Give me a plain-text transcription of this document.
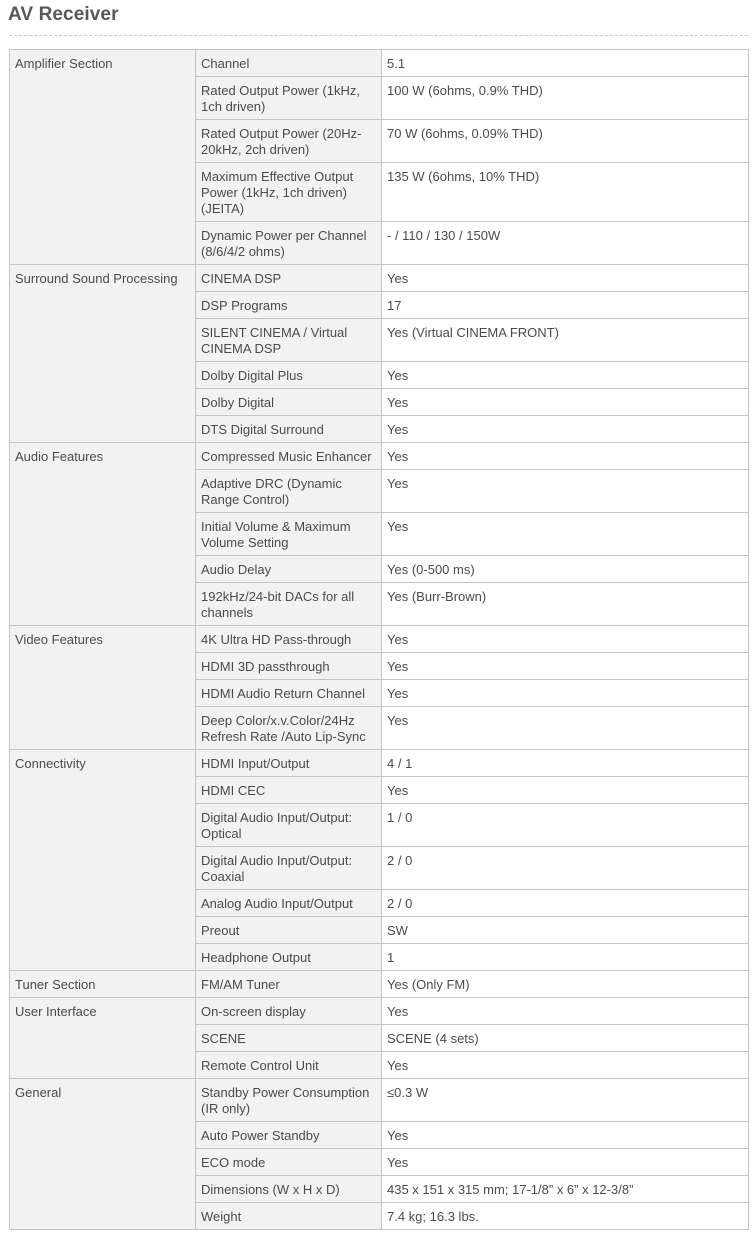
AV Receiver
Amplifier Section	Channel	5.1
	Rated Output Power (1kHz, 1ch driven)	100 W (6ohms, 0.9% THD)
	Rated Output Power (20Hz-20kHz, 2ch driven)	70 W (6ohms, 0.09% THD)
	Maximum Effective Output Power (1kHz, 1ch driven) (JEITA)	135 W (6ohms, 10% THD)
	Dynamic Power per Channel (8/6/4/2 ohms)	- / 110 / 130 / 150W
Surround Sound Processing	CINEMA DSP	Yes
	DSP Programs	17
	SILENT CINEMA / Virtual CINEMA DSP	Yes (Virtual CINEMA FRONT)
	Dolby Digital Plus	Yes
	Dolby Digital	Yes
	DTS Digital Surround	Yes
Audio Features	Compressed Music Enhancer	Yes
	Adaptive DRC (Dynamic Range Control)	Yes
	Initial Volume & Maximum Volume Setting	Yes
	Audio Delay	Yes (0-500 ms)
	192kHz/24-bit DACs for all channels	Yes (Burr-Brown)
Video Features	4K Ultra HD Pass-through	Yes
	HDMI 3D passthrough	Yes
	HDMI Audio Return Channel	Yes
	Deep Color/x.v.Color/24Hz Refresh Rate /Auto Lip-Sync	Yes
Connectivity	HDMI Input/Output	4 / 1
	HDMI CEC	Yes
	Digital Audio Input/Output: Optical	1 / 0
	Digital Audio Input/Output: Coaxial	2 / 0
	Analog Audio Input/Output	2 / 0
	Preout	SW
	Headphone Output	1
Tuner Section	FM/AM Tuner	Yes (Only FM)
User Interface	On-screen display	Yes
	SCENE	SCENE (4 sets)
	Remote Control Unit	Yes
General	Standby Power Consumption (IR only)	≤0.3 W
	Auto Power Standby	Yes
	ECO mode	Yes
	Dimensions (W x H x D)	435 x 151 x 315 mm; 17-1/8” x 6” x 12-3/8”
	Weight	7.4 kg; 16.3 lbs.
